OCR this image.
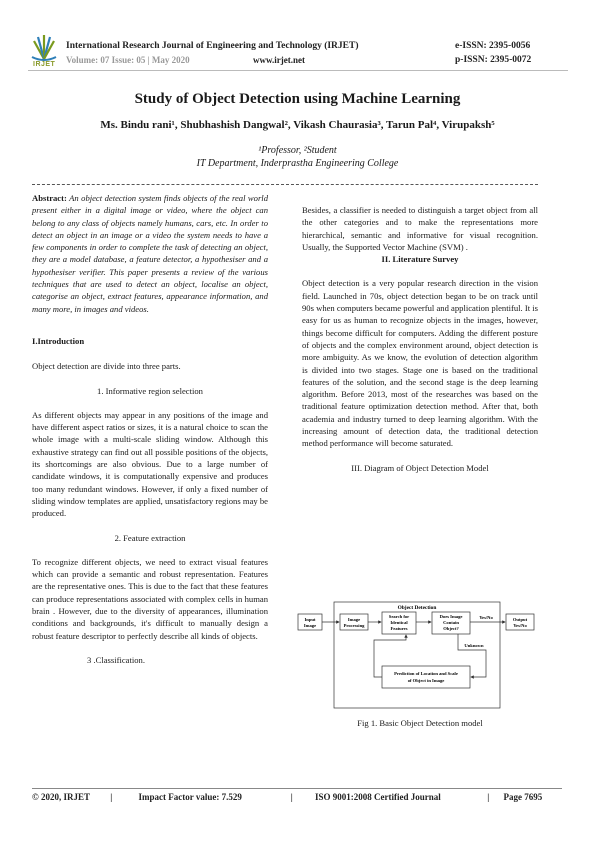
IRJET
International Research Journal of Engineering and Technology (IRJET)
Volume: 07 Issue: 05 | May 2020	www.irjet.net
e-ISSN: 2395-0056
p-ISSN: 2395-0072
Study of Object Detection using Machine Learning
Ms. Bindu rani¹, Shubhashish Dangwal², Vikash Chaurasia³, Tarun Pal⁴, Virupaksh⁵
¹Professor, ²Student
IT Department, Inderprastha Engineering College

Abstract: An object detection system finds objects of the real world present either in a digital image or video, where the object can belong to any class of objects namely humans, cars, etc. In order to detect an object in an image or a video the system needs to have a few components in order to complete the task of detecting an object, they are a model database, a feature detector, a hypothesiser and a hypothesiser verifier. This paper presents a review of the various techniques that are used to detect an object, localise an object, categorise an object, extract features, appearance information, and many more, in images and videos.

I.Introduction

Object detection are divide into three parts.

1. Informative region selection

As different objects may appear in any positions of the image and have different aspect ratios or sizes, it is a natural choice to scan the whole image with a multi-scale sliding window. Although this exhaustive strategy can find out all possible positions of the objects, its shortcomings are also obvious. Due to a large number of candidate windows, it is computationally expensive and produces too many redundant windows. However, if only a fixed number of sliding window templates are applied, unsatisfactory regions may be produced.

2. Feature extraction

To recognize different objects, we need to extract visual features which can provide a semantic and robust representation. Features are the representative ones. This is due to the fact that these features can produce representations associated with complex cells in human brain . However, due to the diversity of appearances, illumination conditions and backgrounds, it's difficult to manually design a robust feature descriptor to perfectly describe all kinds of objects.

3 .Classification.

Besides, a classifier is needed to distinguish a target object from all the other categories and to make the representations more hierarchical, semantic and informative for visual recognition. Usually, the Supported Vector Machine (SVM) .

II. Literature Survey

Object detection is a very popular research direction in the vision field. Launched in 70s, object detection began to be on track until 90s when computers became powerful and application plentiful. It is easy for us as human to recognize objects in the images, however, things become difficult for computers. Adding the different posture of objects and the complex environment around, object detection is more ambiguity. As we know, the evolution of detection algorithm is divided into two stages. Stage one is based on the traditional features of the solution, and the second stage is the deep learning algorithm. Before 2013, most of the researches was based on the traditional feature optimization detection method. After that, both academia and industry turned to deep learning algorithm. With the increasing amount of detection data, the traditional detection method performance will become saturated.

III. Diagram of Object Detection Model

Object Detection
Input
Image
Image
Processing
Search for
Identical
Features
Does Image
Contain
Object?
Output
Yes/No
Prediction of Location and Scale
of Object in Image
Yes/No
Unknown
Fig 1. Basic Object Detection model
© 2020, IRJET |	Impact Factor value: 7.529	| ISO 9001:2008 Certified Journal	| Page 7695
